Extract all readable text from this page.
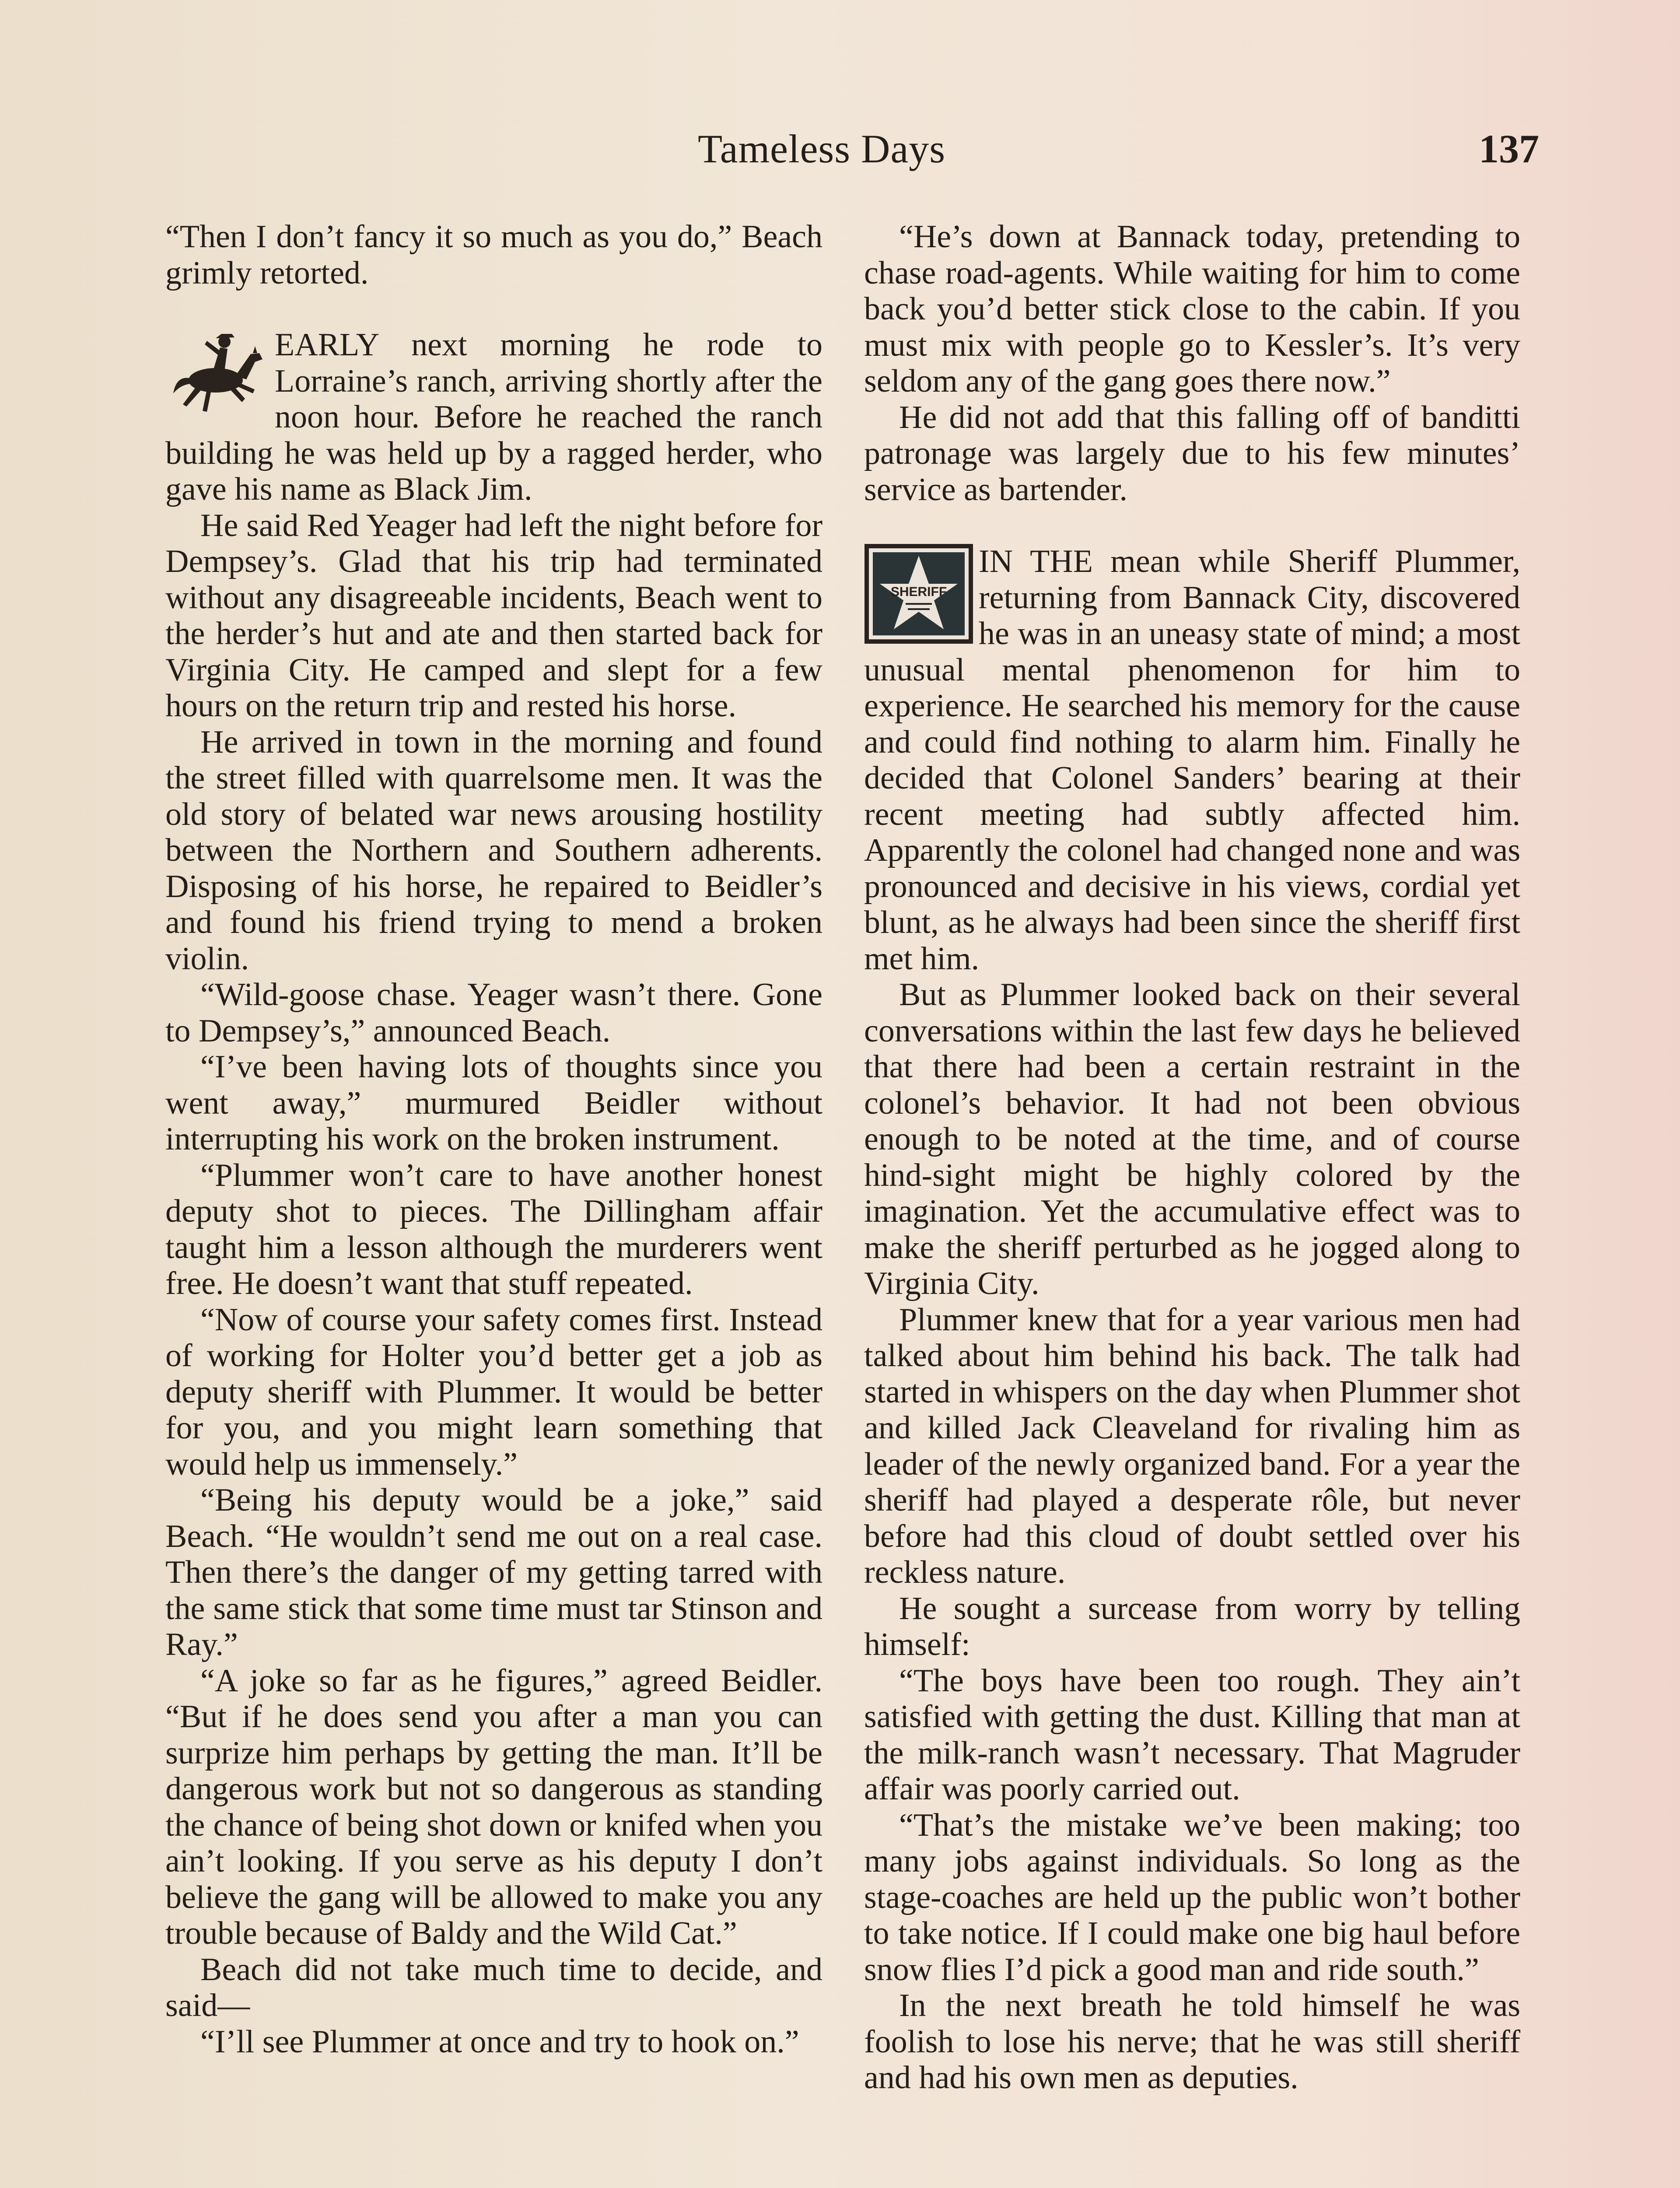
Tameless Days	137

“Then I don’t fancy it so much as you do,” Beach grimly retorted.

EARLY next morning he rode to Lorraine’s ranch, arriving shortly after the noon hour. Before he reached the ranch building he was held up by a ragged herder, who gave his name as Black Jim.

He said Red Yeager had left the night before for Dempsey’s. Glad that his trip had terminated without any disagreeable incidents, Beach went to the herder’s hut and ate and then started back for Virginia City. He camped and slept for a few hours on the return trip and rested his horse.

He arrived in town in the morning and found the street filled with quarrelsome men. It was the old story of belated war news arousing hostility between the Northern and Southern adherents. Disposing of his horse, he repaired to Beidler’s and found his friend trying to mend a broken violin.

“Wild-goose chase. Yeager wasn’t there. Gone to Dempsey’s,” announced Beach.

“I’ve been having lots of thoughts since you went away,” murmured Beidler without interrupting his work on the broken instrument.

“Plummer won’t care to have another honest deputy shot to pieces. The Dillingham affair taught him a lesson although the murderers went free. He doesn’t want that stuff repeated.

“Now of course your safety comes first. Instead of working for Holter you’d better get a job as deputy sheriff with Plummer. It would be better for you, and you might learn something that would help us immensely.”

“Being his deputy would be a joke,” said Beach. “He wouldn’t send me out on a real case. Then there’s the danger of my getting tarred with the same stick that some time must tar Stinson and Ray.”

“A joke so far as he figures,” agreed Beidler. “But if he does send you after a man you can surprize him perhaps by getting the man. It’ll be dangerous work but not so dangerous as standing the chance of being shot down or knifed when you ain’t looking. If you serve as his deputy I don’t believe the gang will be allowed to make you any trouble because of Baldy and the Wild Cat.”

Beach did not take much time to decide, and said—

“I’ll see Plummer at once and try to hook on.”

“He’s down at Bannack today, pretending to chase road-agents. While waiting for him to come back you’d better stick close to the cabin. If you must mix with people go to Kessler’s. It’s very seldom any of the gang goes there now.”

He did not add that this falling off of banditti patronage was largely due to his few minutes’ service as bartender.

SHERIFF

IN THE mean while Sheriff Plummer, returning from Bannack City, discovered he was in an uneasy state of mind; a most unusual mental phenomenon for him to experience. He searched his memory for the cause and could find nothing to alarm him. Finally he decided that Colonel Sanders’ bearing at their recent meeting had subtly affected him. Apparently the colonel had changed none and was pronounced and decisive in his views, cordial yet blunt, as he always had been since the sheriff first met him.

But as Plummer looked back on their several conversations within the last few days he believed that there had been a certain restraint in the colonel’s behavior. It had not been obvious enough to be noted at the time, and of course hind-sight might be highly colored by the imagination. Yet the accumulative effect was to make the sheriff perturbed as he jogged along to Virginia City.

Plummer knew that for a year various men had talked about him behind his back. The talk had started in whispers on the day when Plummer shot and killed Jack Cleaveland for rivaling him as leader of the newly organized band. For a year the sheriff had played a desperate rôle, but never before had this cloud of doubt settled over his reckless nature.

He sought a surcease from worry by telling himself:

“The boys have been too rough. They ain’t satisfied with getting the dust. Killing that man at the milk-ranch wasn’t necessary. That Magruder affair was poorly carried out.

“That’s the mistake we’ve been making; too many jobs against individuals. So long as the stage-coaches are held up the public won’t bother to take notice. If I could make one big haul before snow flies I’d pick a good man and ride south.”

In the next breath he told himself he was foolish to lose his nerve; that he was still sheriff and had his own men as deputies.
